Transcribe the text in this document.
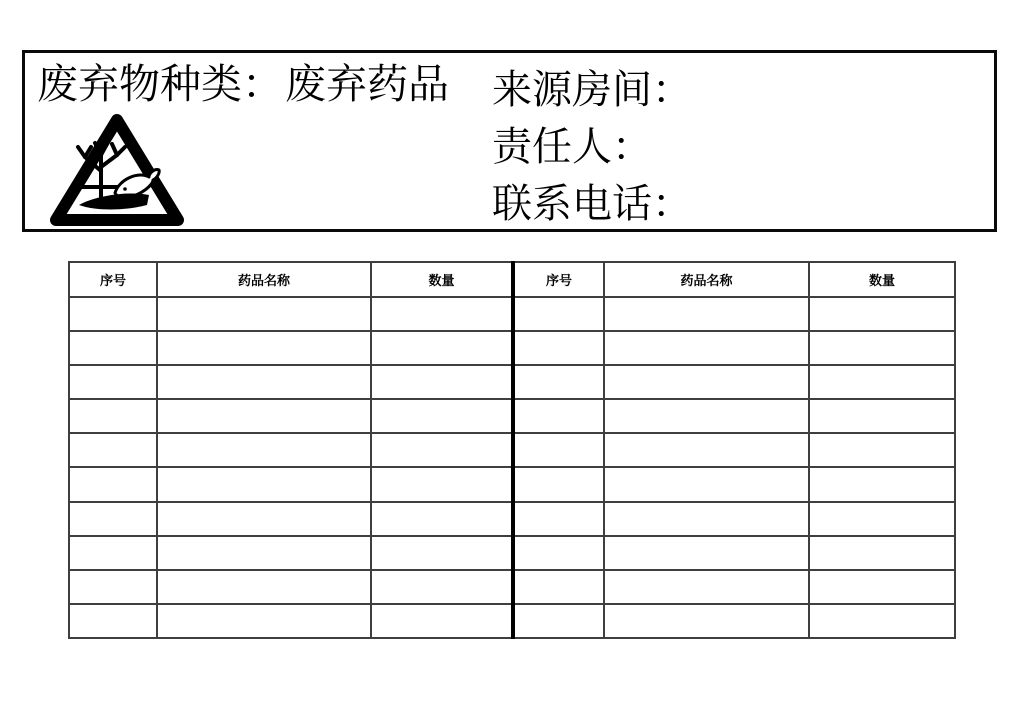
废弃物种类：废弃药品 来源房间：
责任人：
联系电话：
序号	药品名称	数量	序号	药品名称	数量
